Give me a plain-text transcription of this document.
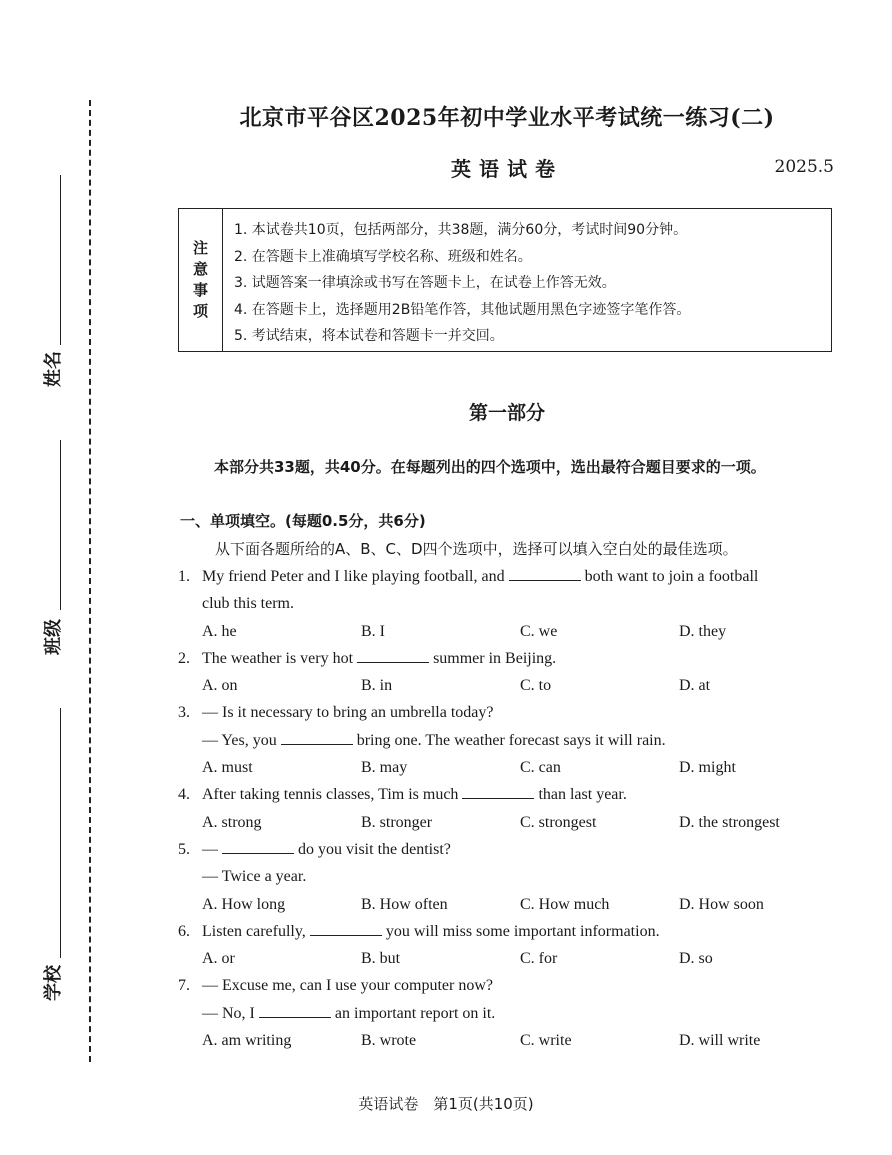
姓名
班级
学校
北京市平谷区2025年初中学业水平考试统一练习(二)
英语试卷	2025.5
注
意
事
项
1. 本试卷共10页，包括两部分，共38题，满分60分，考试时间90分钟。
2. 在答题卡上准确填写学校名称、班级和姓名。
3. 试题答案一律填涂或书写在答题卡上，在试卷上作答无效。
4. 在答题卡上，选择题用2B铅笔作答，其他试题用黑色字迹签字笔作答。
5. 考试结束，将本试卷和答题卡一并交回。
第一部分
本部分共33题，共40分。在每题列出的四个选项中，选出最符合题目要求的一项。
一、单项填空。(每题0.5分，共6分)
从下面各题所给的A、B、C、D四个选项中，选择可以填入空白处的最佳选项。
1. My friend Peter and I like playing football, and	both want to join a football
club this term.
A. he	B. I	C. we	D. they
2. The weather is very hot	summer in Beijing.
A. on	B. in	C. to	D. at
3. — Is it necessary to bring an umbrella today?
— Yes, you	bring one. The weather forecast says it will rain.
A. must	B. may	C. can	D. might
4. After taking tennis classes, Tim is much	than last year.
A. strong	B. stronger	C. strongest	D. the strongest
5. —	do you visit the dentist?
— Twice a year.
A. How long	B. How often	C. How much	D. How soon
6. Listen carefully,	you will miss some important information.
A. or	B. but	C. for	D. so
7. — Excuse me, can I use your computer now?
— No, I	an important report on it.
A. am writing	B. wrote	C. write	D. will write
英语试卷　第1页(共10页)
